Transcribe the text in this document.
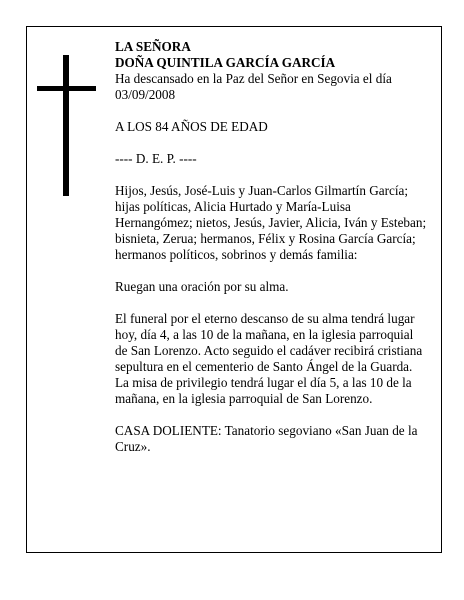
LA SEÑORA

DOÑA QUINTILA GARCÍA GARCÍA

Ha descansado en la Paz del Señor en Segovia el día 03/09/2008

A LOS 84 AÑOS DE EDAD

---- D. E. P. ----

Hijos, Jesús, José-Luis y Juan-Carlos Gilmartín García; hijas políticas, Alicia Hurtado y María-Luisa Hernangómez; nietos, Jesús, Javier, Alicia, Iván y Esteban; bisnieta, Zerua; hermanos, Félix y Rosina García García; hermanos políticos, sobrinos y demás familia:

Ruegan una oración por su alma.

El funeral por el eterno descanso de su alma tendrá lugar hoy, día 4, a las 10 de la mañana, en la iglesia parroquial de San Lorenzo. Acto seguido el cadáver recibirá cristiana sepultura en el cementerio de Santo Ángel de la Guarda. La misa de privilegio tendrá lugar el día 5, a las 10 de la mañana, en la iglesia parroquial de San Lorenzo.

CASA DOLIENTE: Tanatorio segoviano «San Juan de la Cruz».
